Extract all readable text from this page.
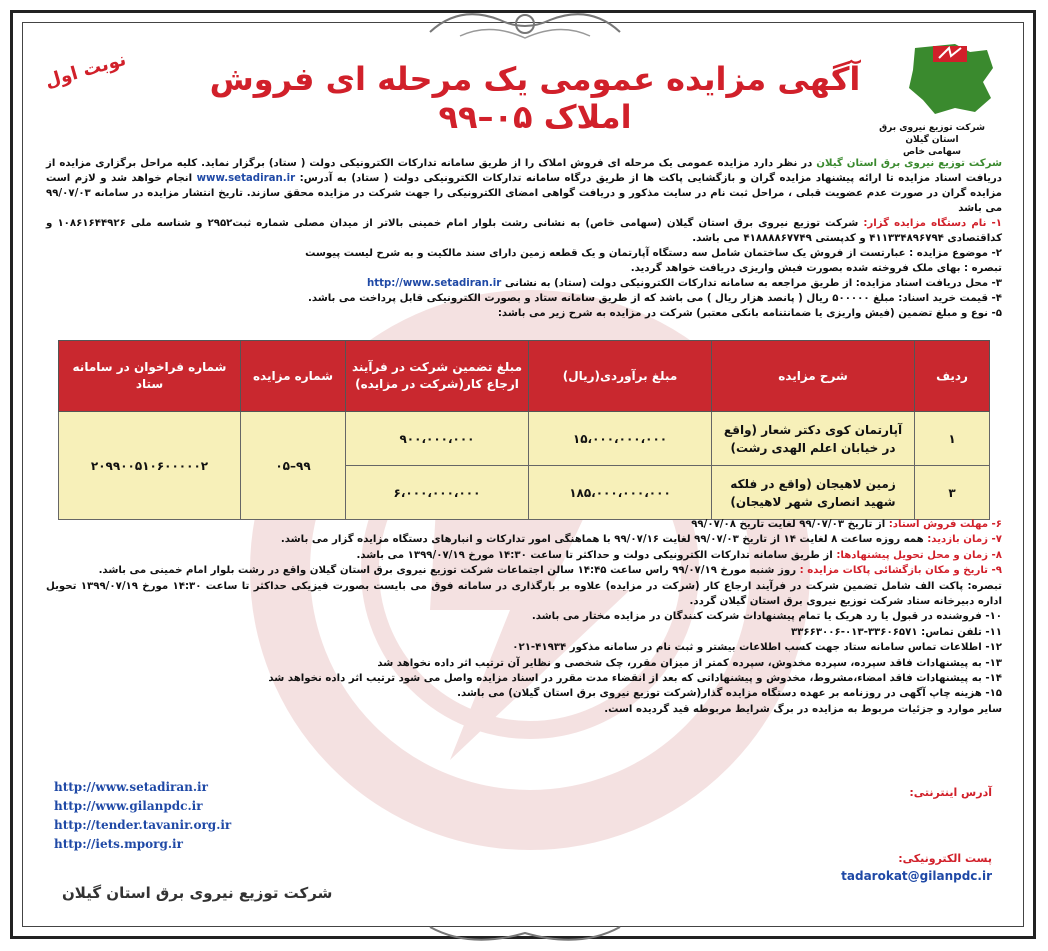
شرکت توزیع نیروی برق
استان گیلان
سهامی خاص
آگهی مزایده عمومی یک مرحله ای فروش املاک ۰۵–۹۹
نوبت اول

شرکت توزیع نیروی برق استان گیلان در نظر دارد مزایده عمومی یک مرحله ای فروش املاک را از طریق سامانه تدارکات الکترونیکی دولت ( ستاد) برگزار نماید. کلیه مراحل برگزاری مزایده از دریافت اسناد مزایده تا ارائه پیشنهاد مزایده گران و بازگشایی پاکت ها از طریق درگاه سامانه تدارکات الکترونیکی دولت ( ستاد) به آدرس: www.setadiran.ir انجام خواهد شد و لازم است مزایده گران در صورت عدم عضویت قبلی ، مراحل ثبت نام در سایت مذکور و دریافت گواهی امضای الکترونیکی را جهت شرکت در مزایده محقق سازند. تاریخ انتشار مزایده در سامانه ۹۹/۰۷/۰۳ می باشد

۱- نام دستگاه مزایده گزار: شرکت توزیع نیروی برق استان گیلان (سهامی خاص) به نشانی رشت بلوار امام خمینی بالاتر از میدان مصلی شماره ثبت۲۹۵۲ و شناسه ملی ۱۰۸۶۱۶۴۴۹۲۶ و کداقتصادی ۴۱۱۳۳۴۸۹۶۷۹۴ و کدپستی ۴۱۸۸۸۸۶۷۷۴۹ می باشد.

۲- موضوع مزایده : عبارتست از فروش یک ساختمان شامل سه دستگاه آپارتمان و یک قطعه زمین دارای سند مالکیت و به شرح لیست پیوست

تبصره : بهای ملک فروخته شده بصورت فیش واریزی دریافت خواهد گردید.

۳- محل دریافت اسناد مزایده: از طریق مراجعه به سامانه تدارکات الکترونیکی دولت (ستاد) به نشانی http://www.setadiran.ir

۴- قیمت خرید اسناد: مبلغ ۵۰۰۰۰۰ ریال ( پانصد هزار ریال ) می باشد که از طریق سامانه ستاد و بصورت الکترونیکی قابل پرداخت می باشد.

۵- نوع و مبلغ تضمین (فیش واریزی یا ضمانتنامه بانکی معتبر) شرکت در مزایده به شرح زیر می باشد:

ردیف	شرح مزایده	مبلغ برآوردی(ریال)	مبلغ تضمین شرکت در فرآیند ارجاع کار(شرکت در مزایده)	شماره مزایده	شماره فراخوان در سامانه ستاد
۱	آپارتمان کوی دکتر شعار (واقع در خیابان اعلم الهدی رشت)	۱۵،۰۰۰،۰۰۰،۰۰۰	۹۰۰،۰۰۰،۰۰۰	۹۹–۰۵	۲۰۹۹۰۰۵۱۰۶۰۰۰۰۰۲
۳	زمین لاهیجان (واقع در فلکه شهید انصاری شهر لاهیجان)	۱۸۵،۰۰۰،۰۰۰،۰۰۰	۶،۰۰۰،۰۰۰،۰۰۰		

۶- مهلت فروش اسناد: از تاریخ ۹۹/۰۷/۰۳ لغایت تاریخ ۹۹/۰۷/۰۸

۷- زمان بازدید: همه روزه ساعت ۸ لغایت ۱۴ از تاریخ ۹۹/۰۷/۰۳ لغایت ۹۹/۰۷/۱۶ با هماهنگی امور تدارکات و انبارهای دستگاه مزایده گزار می باشد.

۸- زمان و محل تحویل پیشنهادها: از طریق سامانه تدارکات الکترونیکی دولت و حداکثر تا ساعت ۱۴:۳۰ مورخ ۱۳۹۹/۰۷/۱۹ می باشد.

۹- تاریخ و مکان بازگشائی پاکات مزایده : روز شنبه مورخ ۹۹/۰۷/۱۹ راس ساعت ۱۴:۴۵ سالن اجتماعات شرکت توزیع نیروی برق استان گیلان واقع در رشت بلوار امام خمینی می باشد.

تبصره: پاکت الف شامل تضمین شرکت در فرآیند ارجاع کار (شرکت در مزایده) علاوه بر بارگذاری در سامانه فوق می بایست بصورت فیزیکی حداکثر تا ساعت ۱۴:۳۰ مورخ ۱۳۹۹/۰۷/۱۹ تحویل اداره دبیرخانه ستاد شرکت توزیع نیروی برق استان گیلان گردد.

۱۰- فروشنده در قبول یا رد هریک یا تمام پیشنهادات شرکت کنندگان در مزایده مختار می باشد.

۱۱- تلفن تماس: ۳۳۶۰۶۵۷۱-۰۱۳-۳۳۶۶۳۰۰۶

۱۲- اطلاعات تماس سامانه ستاد جهت کسب اطلاعات بیشتر و ثبت نام در سامانه مذکور ۴۱۹۳۴-۰۲۱

۱۳- به پیشنهادات فاقد سپرده، سپرده مخدوش، سپرده کمتر از میزان مقرر، چک شخصی و نظایر آن ترتیب اثر داده نخواهد شد

۱۴- به پیشنهادات فاقد امضاء،مشروط، مخدوش و پیشنهاداتی که بعد از انقضاء مدت مقرر در اسناد مزایده واصل می شود ترتیب اثر داده نخواهد شد

۱۵- هزینه چاپ آگهی در روزنامه بر عهده دستگاه مزایده گذار(شرکت توزیع نیروی برق استان گیلان) می باشد.

سایر موارد و جزئیات مربوط به مزایده در برگ شرایط مربوطه قید گردیده است.

آدرس اینترنتی:
http://www.setadiran.ir
http://www.gilanpdc.ir
http://tender.tavanir.org.ir
http://iets.mporg.ir
پست الکترونیکی:
tadarokat@gilanpdc.ir
شرکت توزیع نیروی برق استان گیلان
